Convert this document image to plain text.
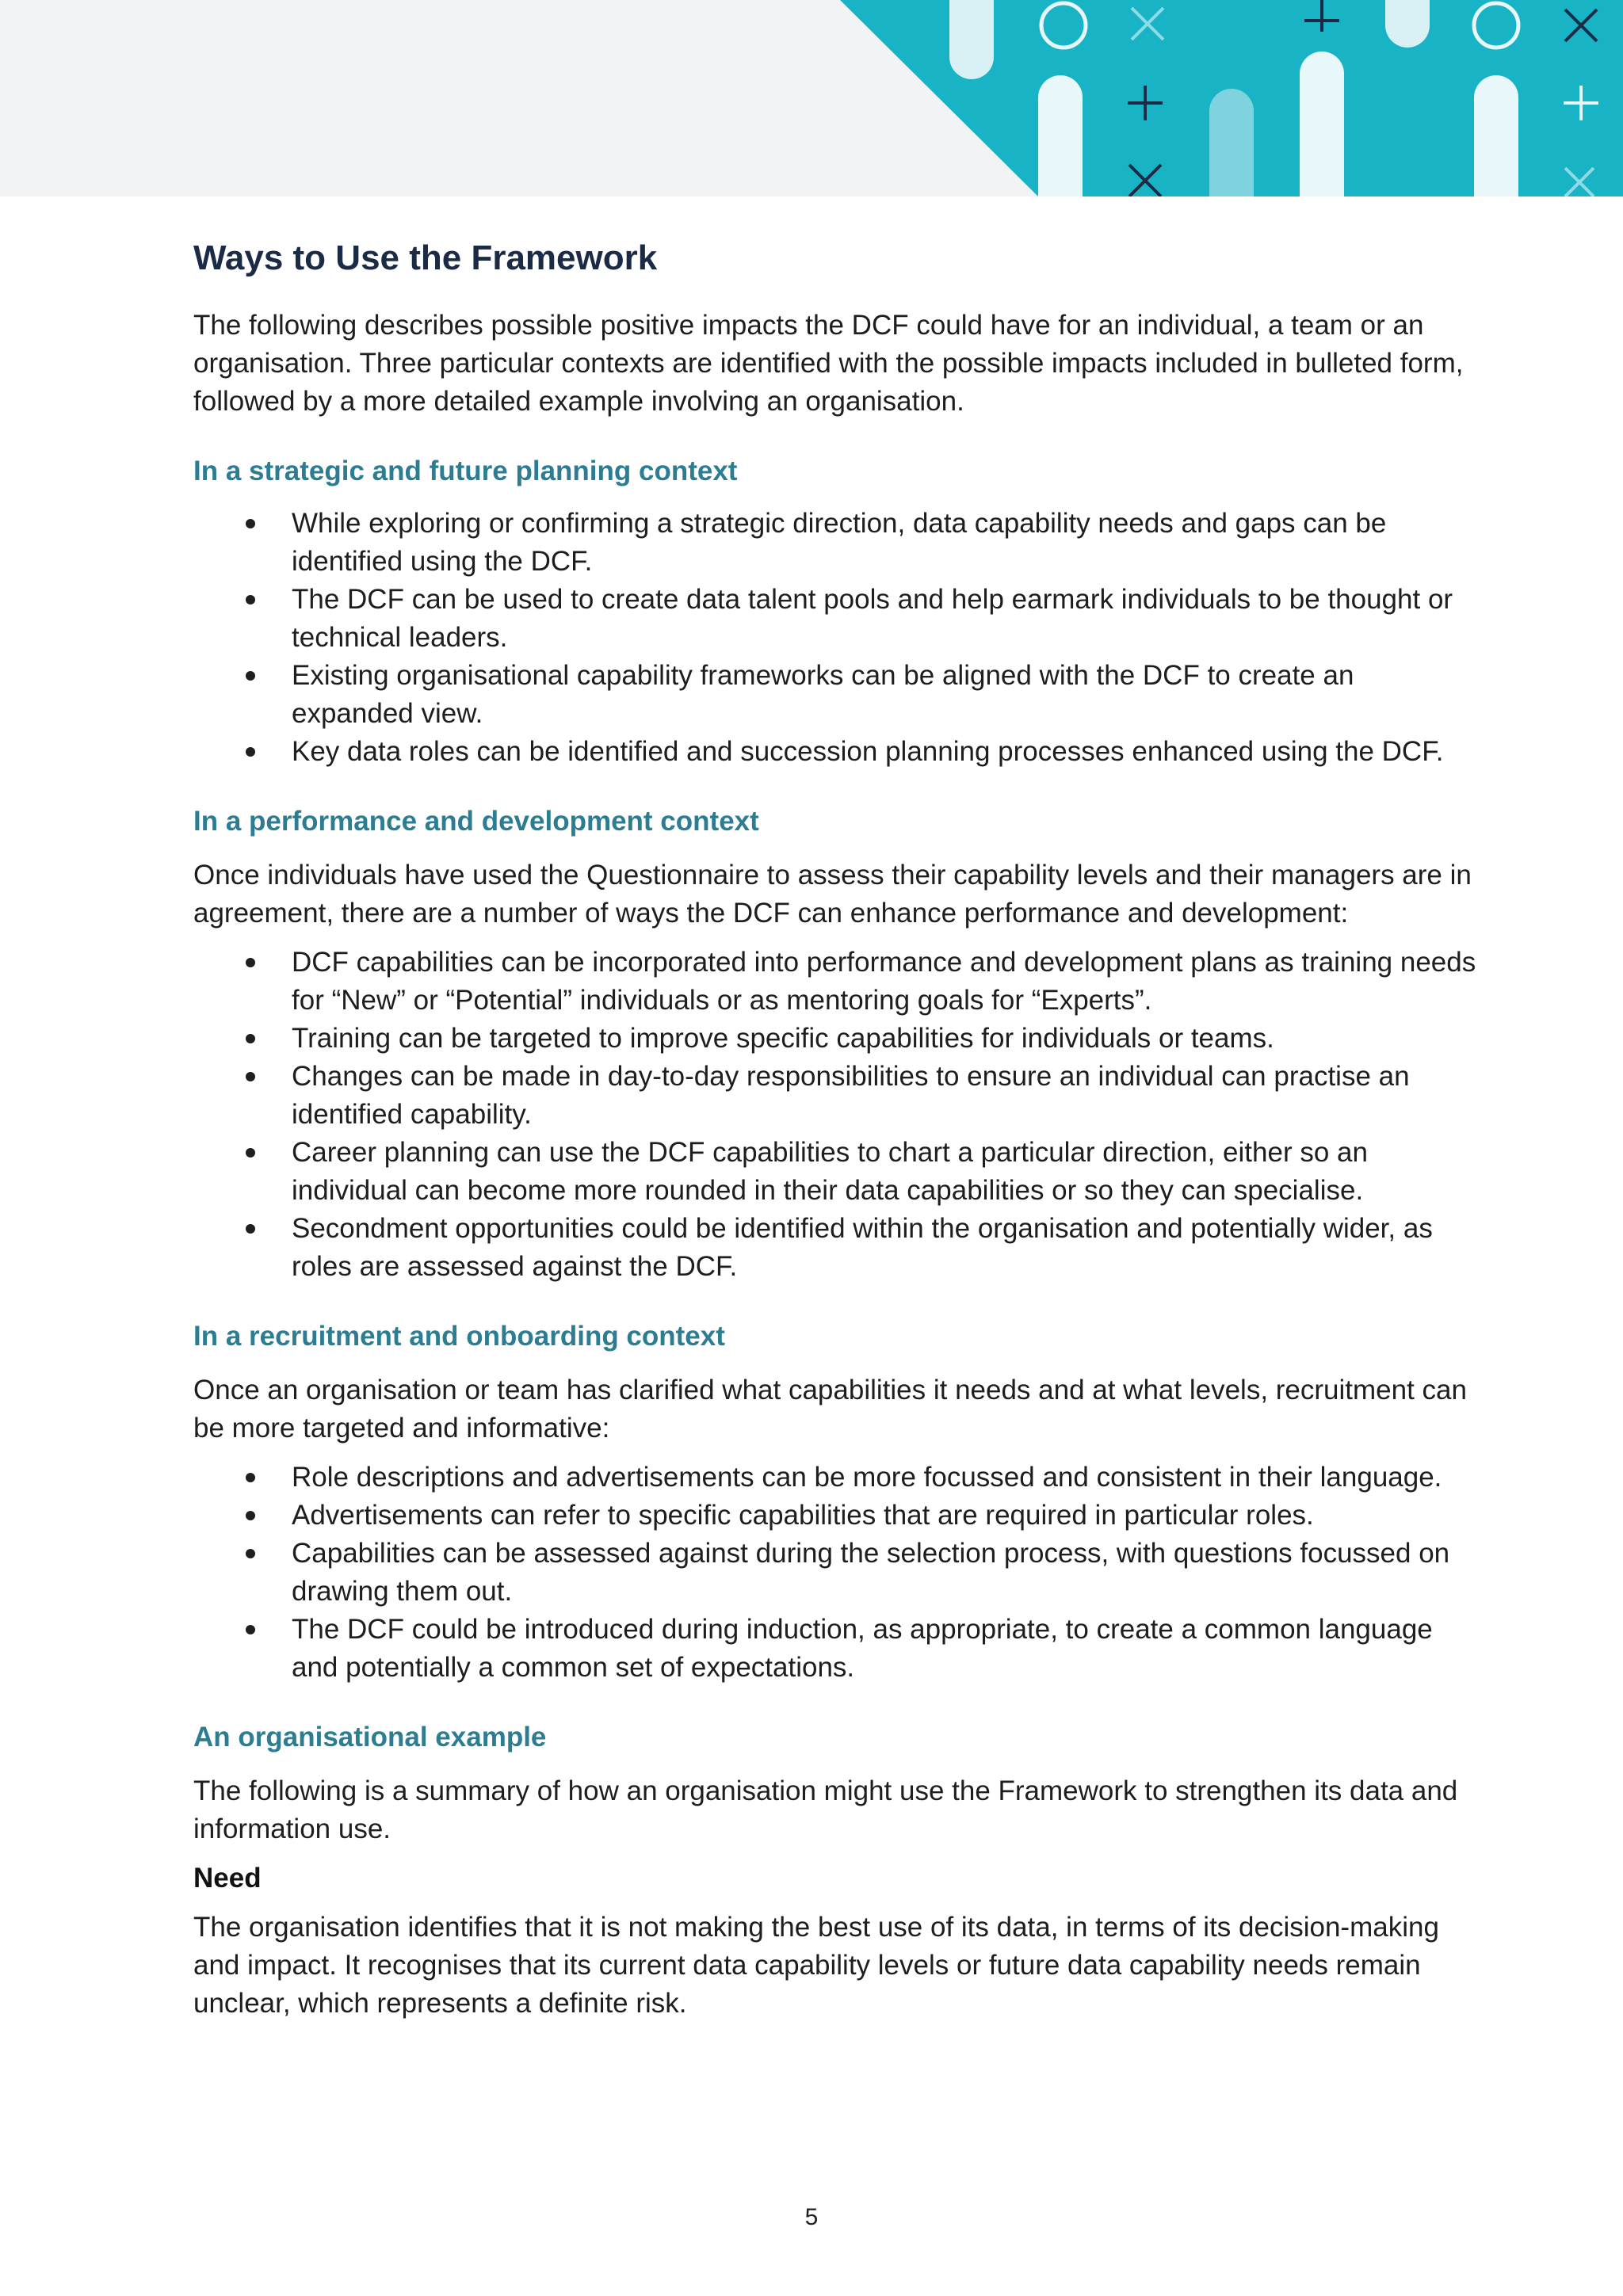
Ways to Use the Framework

The following describes possible positive impacts the DCF could have for an individual, a team or an organisation. Three particular contexts are identified with the possible impacts included in bulleted form, followed by a more detailed example involving an organisation.

In a strategic and future planning context
While exploring or confirming a strategic direction, data capability needs and gaps can be identified using the DCF.
The DCF can be used to create data talent pools and help earmark individuals to be thought or technical leaders.
Existing organisational capability frameworks can be aligned with the DCF to create an expanded view.
Key data roles can be identified and succession planning processes enhanced using the DCF.
In a performance and development context

Once individuals have used the Questionnaire to assess their capability levels and their managers are in agreement, there are a number of ways the DCF can enhance performance and development:

DCF capabilities can be incorporated into performance and development plans as training needs for “New” or “Potential” individuals or as mentoring goals for “Experts”.
Training can be targeted to improve specific capabilities for individuals or teams.
Changes can be made in day-to-day responsibilities to ensure an individual can practise an identified capability.
Career planning can use the DCF capabilities to chart a particular direction, either so an individual can become more rounded in their data capabilities or so they can specialise.
Secondment opportunities could be identified within the organisation and potentially wider, as roles are assessed against the DCF.
In a recruitment and onboarding context

Once an organisation or team has clarified what capabilities it needs and at what levels, recruitment can be more targeted and informative:

Role descriptions and advertisements can be more focussed and consistent in their language.
Advertisements can refer to specific capabilities that are required in particular roles.
Capabilities can be assessed against during the selection process, with questions focussed on drawing them out.
The DCF could be introduced during induction, as appropriate, to create a common language and potentially a common set of expectations.
An organisational example

The following is a summary of how an organisation might use the Framework to strengthen its data and information use.

Need

The organisation identifies that it is not making the best use of its data, in terms of its decision-making and impact. It recognises that its current data capability levels or future data capability needs remain unclear, which represents a definite risk.

5
